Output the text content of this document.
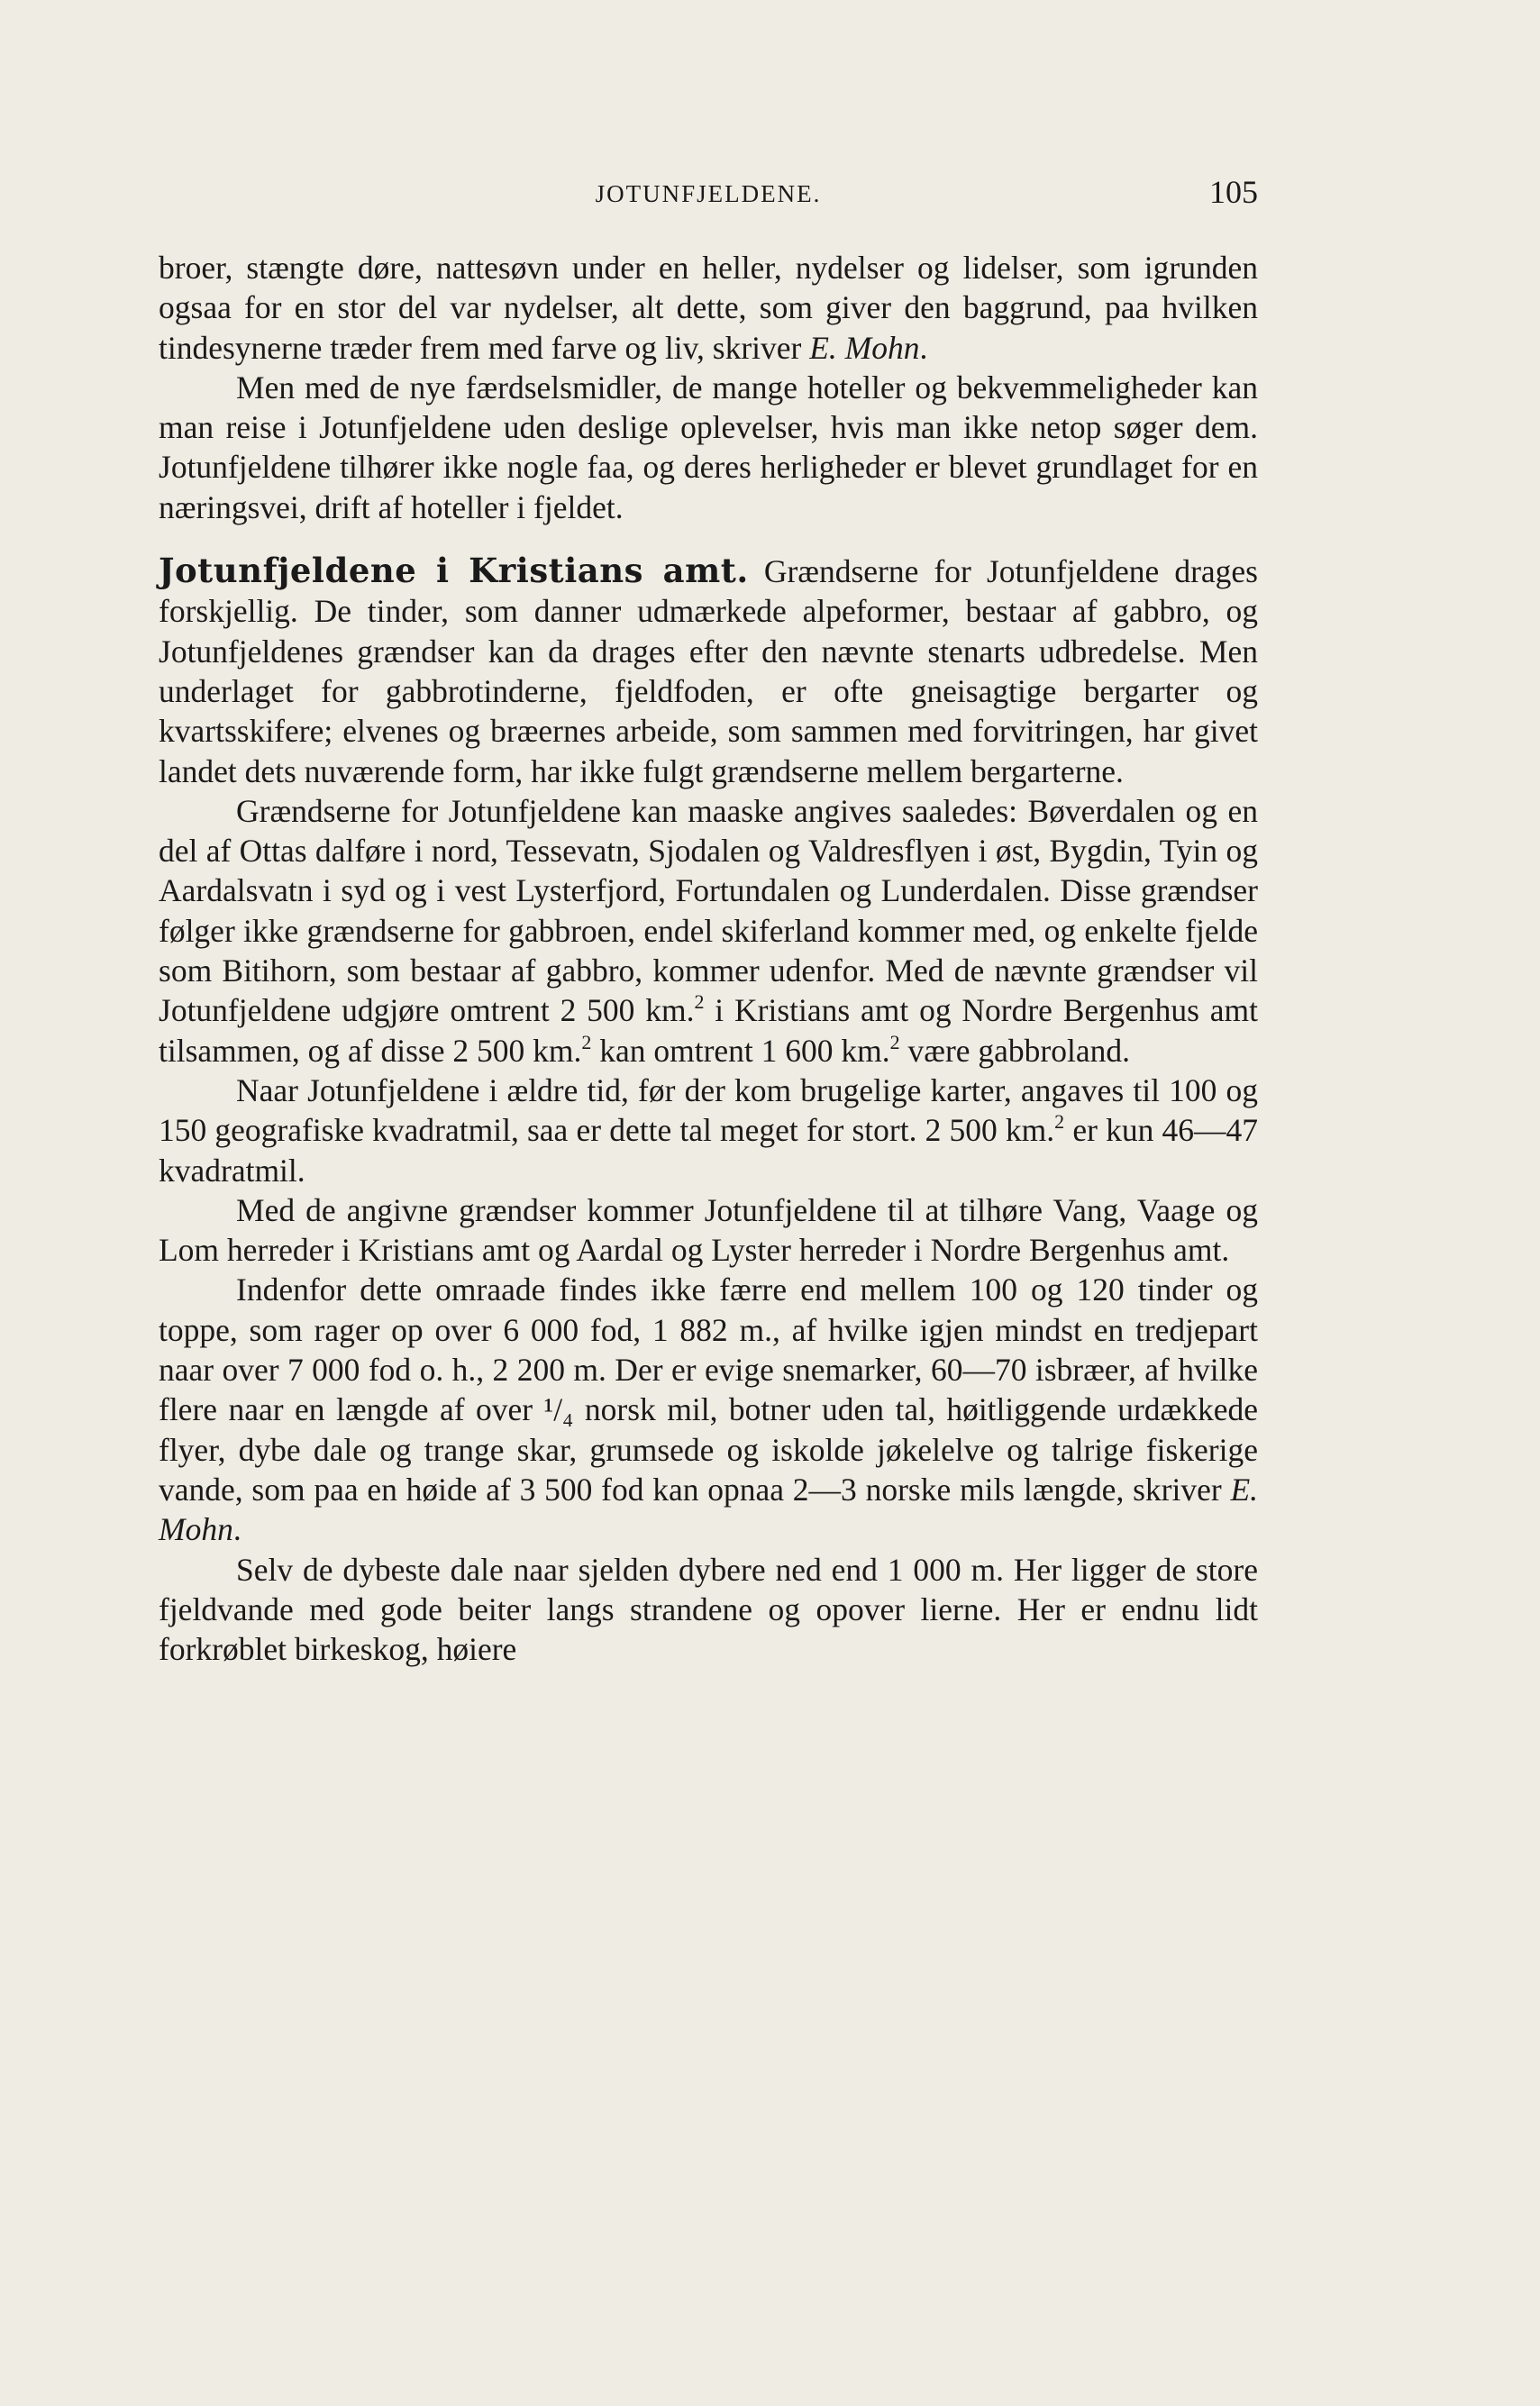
JOTUNFJELDENE.	105

broer, stængte døre, nattesøvn under en heller, nydelser og lidelser, som igrunden ogsaa for en stor del var nydelser, alt dette, som giver den baggrund, paa hvilken tindesynerne træder frem med farve og liv, skriver E. Mohn.

Men med de nye færdselsmidler, de mange hoteller og bekvemmeligheder kan man reise i Jotunfjeldene uden deslige oplevelser, hvis man ikke netop søger dem. Jotunfjeldene tilhører ikke nogle faa, og deres herligheder er blevet grundlaget for en næringsvei, drift af hoteller i fjeldet.

Jotunfjeldene i Kristians amt. Grændserne for Jotunfjeldene drages forskjellig. De tinder, som danner udmærkede alpeformer, bestaar af gabbro, og Jotunfjeldenes grændser kan da drages efter den nævnte stenarts udbredelse. Men underlaget for gabbrotinderne, fjeldfoden, er ofte gneisagtige bergarter og kvartsskifere; elvenes og bræernes arbeide, som sammen med forvitringen, har givet landet dets nuværende form, har ikke fulgt grændserne mellem bergarterne.

Grændserne for Jotunfjeldene kan maaske angives saaledes: Bøverdalen og en del af Ottas dalføre i nord, Tessevatn, Sjodalen og Valdresflyen i øst, Bygdin, Tyin og Aardalsvatn i syd og i vest Lysterfjord, Fortundalen og Lunderdalen. Disse grændser følger ikke grændserne for gabbroen, endel skiferland kommer med, og enkelte fjelde som Bitihorn, som bestaar af gabbro, kommer udenfor. Med de nævnte grændser vil Jotunfjeldene udgjøre omtrent 2 500 km.$^2$ i Kristians amt og Nordre Bergenhus amt tilsammen, og af disse 2 500 km.$^2$ kan omtrent 1 600 km.$^2$ være gabbroland.

Naar Jotunfjeldene i ældre tid, før der kom brugelige karter, angaves til 100 og 150 geografiske kvadratmil, saa er dette tal meget for stort. 2 500 km.$^2$ er kun 46—47 kvadratmil.

Med de angivne grændser kommer Jotunfjeldene til at tilhøre Vang, Vaage og Lom herreder i Kristians amt og Aardal og Lyster herreder i Nordre Bergenhus amt.

Indenfor dette omraade findes ikke færre end mellem 100 og 120 tinder og toppe, som rager op over 6 000 fod, 1 882 m., af hvilke igjen mindst en tredjepart naar over 7 000 fod o. h., 2 200 m. Der er evige snemarker, 60—70 isbræer, af hvilke flere naar en længde af over ¹/₄ norsk mil, botner uden tal, høitliggende urdækkede flyer, dybe dale og trange skar, grumsede og iskolde jøkelelve og talrige fiskerige vande, som paa en høide af 3 500 fod kan opnaa 2—3 norske mils længde, skriver E. Mohn.

Selv de dybeste dale naar sjelden dybere ned end 1 000 m. Her ligger de store fjeldvande med gode beiter langs strandene og opover lierne. Her er endnu lidt forkrøblet birkeskog, høiere
